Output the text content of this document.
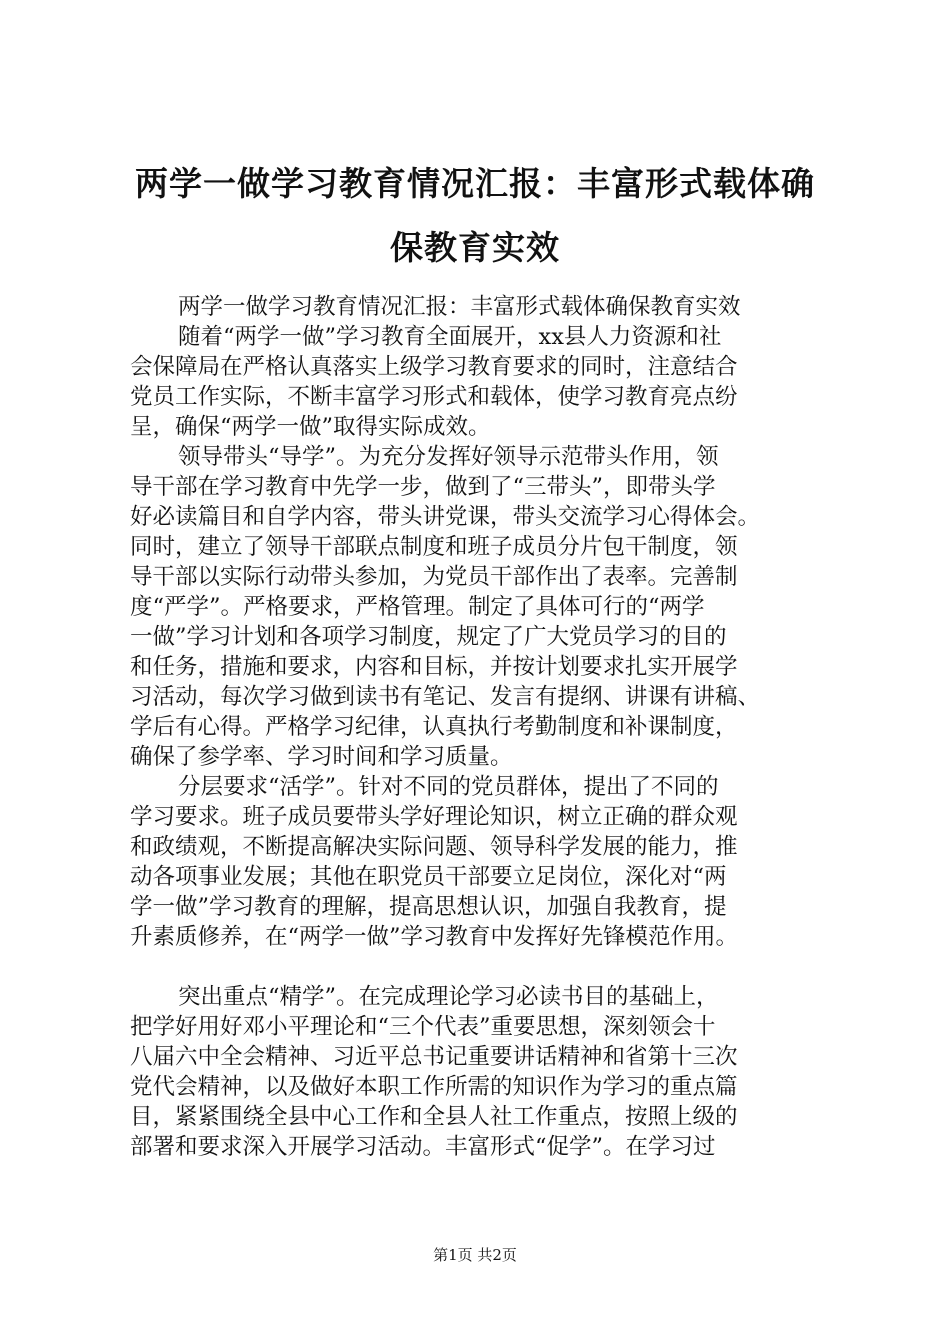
两学一做学习教育情况汇报：丰富形式载体确
保教育实效
两学一做学习教育情况汇报：丰富形式载体确保教育实效
随着“两学一做”学习教育全面展开，xx县人力资源和社
会保障局在严格认真落实上级学习教育要求的同时，注意结合
党员工作实际，不断丰富学习形式和载体，使学习教育亮点纷
呈，确保“两学一做”取得实际成效。
领导带头“导学”。为充分发挥好领导示范带头作用，领
导干部在学习教育中先学一步，做到了“三带头”，即带头学
好必读篇目和自学内容，带头讲党课，带头交流学习心得体会。
同时，建立了领导干部联点制度和班子成员分片包干制度，领
导干部以实际行动带头参加，为党员干部作出了表率。完善制
度“严学”。严格要求，严格管理。制定了具体可行的“两学
一做”学习计划和各项学习制度，规定了广大党员学习的目的
和任务，措施和要求，内容和目标，并按计划要求扎实开展学
习活动，每次学习做到读书有笔记、发言有提纲、讲课有讲稿、
学后有心得。严格学习纪律，认真执行考勤制度和补课制度，
确保了参学率、学习时间和学习质量。
分层要求“活学”。针对不同的党员群体，提出了不同的
学习要求。班子成员要带头学好理论知识，树立正确的群众观
和政绩观，不断提高解决实际问题、领导科学发展的能力，推
动各项事业发展；其他在职党员干部要立足岗位，深化对“两
学一做”学习教育的理解，提高思想认识，加强自我教育，提
升素质修养，在“两学一做”学习教育中发挥好先锋模范作用。
突出重点“精学”。在完成理论学习必读书目的基础上，
把学好用好邓小平理论和“三个代表”重要思想，深刻领会十
八届六中全会精神、习近平总书记重要讲话精神和省第十三次
党代会精神，以及做好本职工作所需的知识作为学习的重点篇
目，紧紧围绕全县中心工作和全县人社工作重点，按照上级的
部署和要求深入开展学习活动。丰富形式“促学”。在学习过
第1页 共2页
